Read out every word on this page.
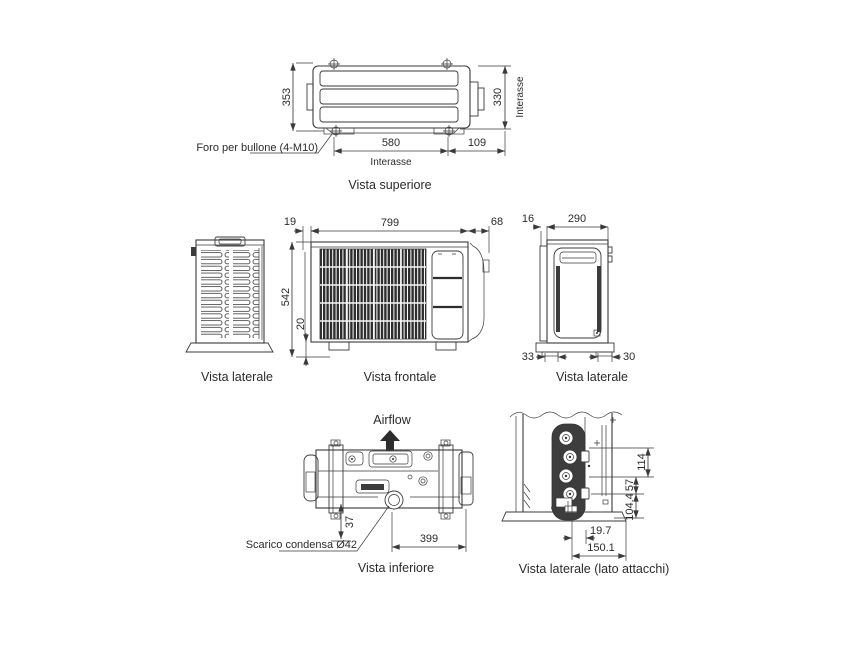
353	330 Interasse
580	109
Interasse
Foro per bullone (4-M10)
Vista superiore
Vista laterale
19	799	68
542
20
Vista frontale
16	290
33	30
Vista laterale
Airflow
Scarico condensa Ø42
37
399
Vista inferiore
114
57
104.4
19.7
150.1
Vista laterale (lato attacchi)
